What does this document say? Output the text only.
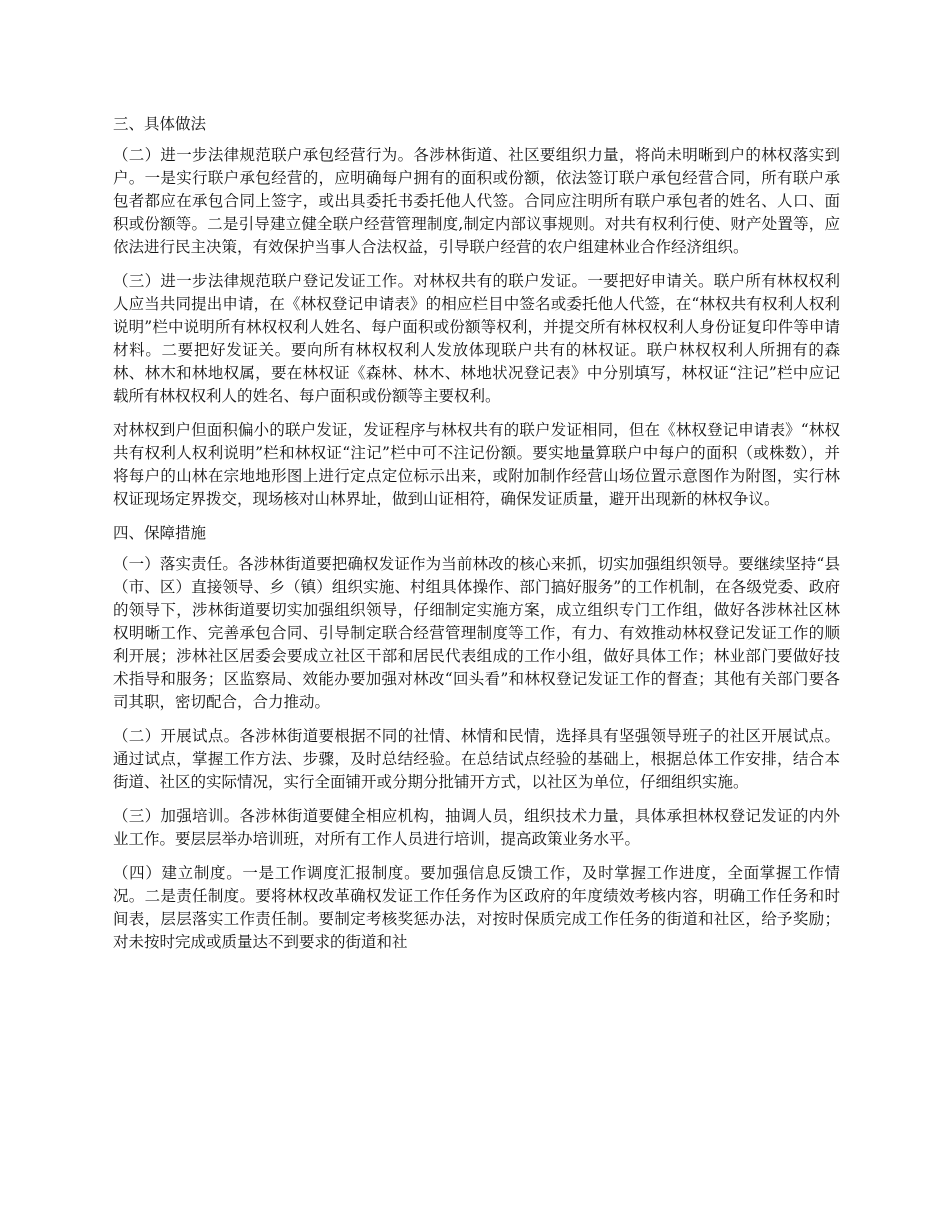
三、具体做法

（二）进一步法律规范联户承包经营行为。各涉林街道、社区要组织力量，将尚未明晰到户的林权落实到户。一是实行联户承包经营的，应明确每户拥有的面积或份额，依法签订联户承包经营合同，所有联户承包者都应在承包合同上签字，或出具委托书委托他人代签。合同应注明所有联户承包者的姓名、人口、面积或份额等。二是引导建立健全联户经营管理制度,制定内部议事规则。对共有权利行使、财产处置等，应依法进行民主决策，有效保护当事人合法权益，引导联户经营的农户组建林业合作经济组织。

（三）进一步法律规范联户登记发证工作。对林权共有的联户发证。一要把好申请关。联户所有林权权利人应当共同提出申请，在《林权登记申请表》的相应栏目中签名或委托他人代签，在“林权共有权利人权利说明”栏中说明所有林权权利人姓名、每户面积或份额等权利，并提交所有林权权利人身份证复印件等申请材料。二要把好发证关。要向所有林权权利人发放体现联户共有的林权证。联户林权权利人所拥有的森林、林木和林地权属，要在林权证《森林、林木、林地状况登记表》中分别填写，林权证“注记”栏中应记载所有林权权利人的姓名、每户面积或份额等主要权利。

对林权到户但面积偏小的联户发证，发证程序与林权共有的联户发证相同，但在《林权登记申请表》“林权共有权利人权利说明”栏和林权证“注记”栏中可不注记份额。要实地量算联户中每户的面积（或株数），并将每户的山林在宗地地形图上进行定点定位标示出来，或附加制作经营山场位置示意图作为附图，实行林权证现场定界拨交，现场核对山林界址，做到山证相符，确保发证质量，避开出现新的林权争议。

四、保障措施

（一）落实责任。各涉林街道要把确权发证作为当前林改的核心来抓，切实加强组织领导。要继续坚持“县（市、区）直接领导、乡（镇）组织实施、村组具体操作、部门搞好服务”的工作机制，在各级党委、政府的领导下，涉林街道要切实加强组织领导，仔细制定实施方案，成立组织专门工作组，做好各涉林社区林权明晰工作、完善承包合同、引导制定联合经营管理制度等工作，有力、有效推动林权登记发证工作的顺利开展；涉林社区居委会要成立社区干部和居民代表组成的工作小组，做好具体工作；林业部门要做好技术指导和服务；区监察局、效能办要加强对林改“回头看”和林权登记发证工作的督查；其他有关部门要各司其职，密切配合，合力推动。

（二）开展试点。各涉林街道要根据不同的社情、林情和民情，选择具有坚强领导班子的社区开展试点。通过试点，掌握工作方法、步骤，及时总结经验。在总结试点经验的基础上，根据总体工作安排，结合本街道、社区的实际情况，实行全面铺开或分期分批铺开方式，以社区为单位，仔细组织实施。

（三）加强培训。各涉林街道要健全相应机构，抽调人员，组织技术力量，具体承担林权登记发证的内外业工作。要层层举办培训班，对所有工作人员进行培训，提高政策业务水平。

（四）建立制度。一是工作调度汇报制度。要加强信息反馈工作，及时掌握工作进度，全面掌握工作情况。二是责任制度。要将林权改革确权发证工作任务作为区政府的年度绩效考核内容，明确工作任务和时间表，层层落实工作责任制。要制定考核奖惩办法，对按时保质完成工作任务的街道和社区，给予奖励；对未按时完成或质量达不到要求的街道和社
